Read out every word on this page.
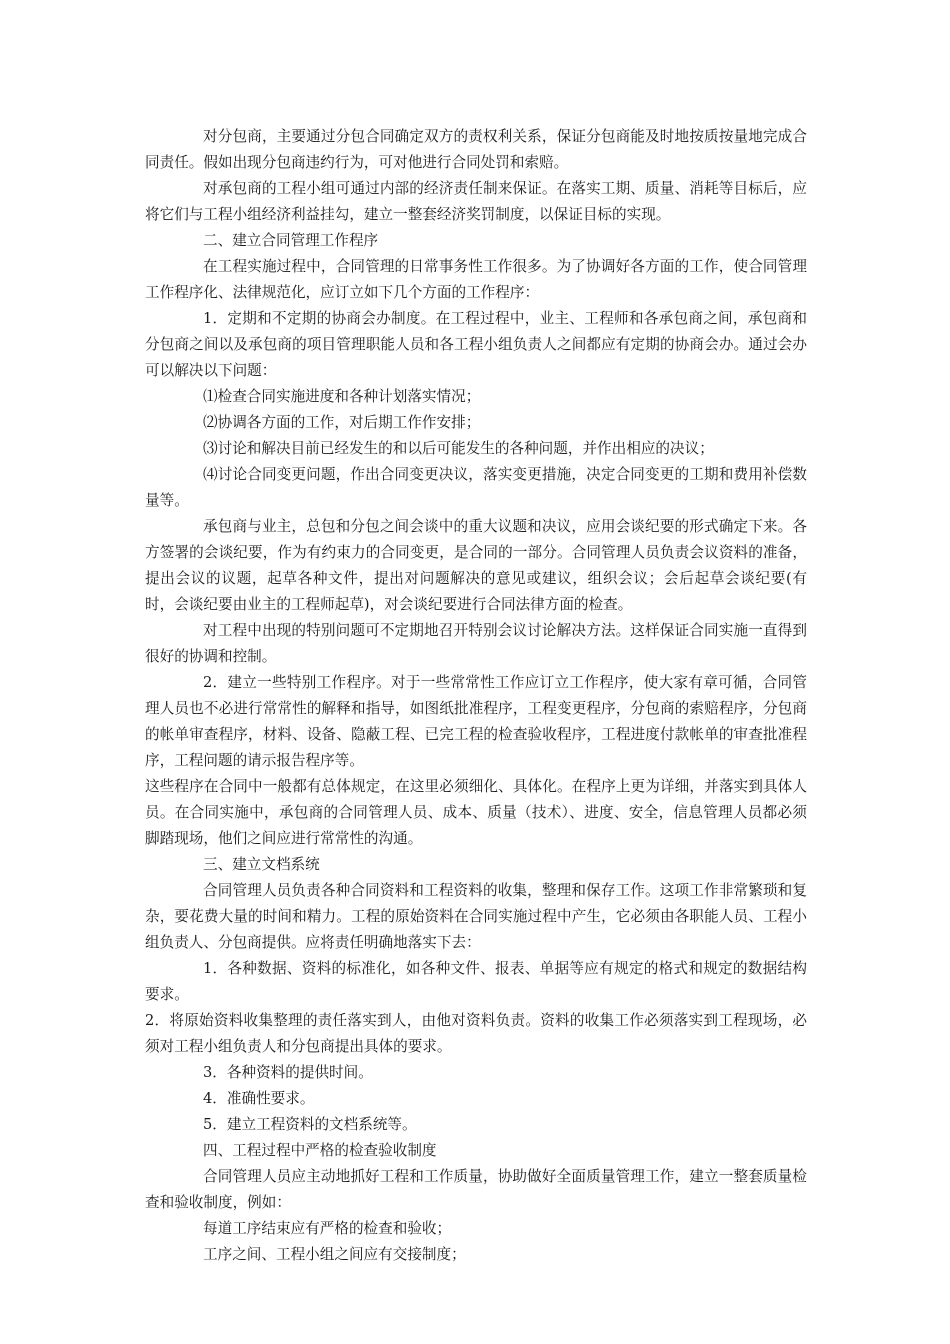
对分包商，主要通过分包合同确定双方的责权利关系，保证分包商能及时地按质按量地完成合同责任。假如出现分包商违约行为，可对他进行合同处罚和索赔。

对承包商的工程小组可通过内部的经济责任制来保证。在落实工期、质量、消耗等目标后，应将它们与工程小组经济利益挂勾，建立一整套经济奖罚制度，以保证目标的实现。

二、建立合同管理工作程序

在工程实施过程中，合同管理的日常事务性工作很多。为了协调好各方面的工作，使合同管理工作程序化、法律规范化，应订立如下几个方面的工作程序：

1．定期和不定期的协商会办制度。在工程过程中，业主、工程师和各承包商之间，承包商和分包商之间以及承包商的项目管理职能人员和各工程小组负责人之间都应有定期的协商会办。通过会办可以解决以下问题：

⑴检查合同实施进度和各种计划落实情况；

⑵协调各方面的工作，对后期工作作安排；

⑶讨论和解决目前已经发生的和以后可能发生的各种问题，并作出相应的决议；

⑷讨论合同变更问题，作出合同变更决议，落实变更措施，决定合同变更的工期和费用补偿数量等。

承包商与业主，总包和分包之间会谈中的重大议题和决议，应用会谈纪要的形式确定下来。各方签署的会谈纪要，作为有约束力的合同变更，是合同的一部分。合同管理人员负责会议资料的准备，提出会议的议题，起草各种文件，提出对问题解决的意见或建议，组织会议；会后起草会谈纪要(有时，会谈纪要由业主的工程师起草)，对会谈纪要进行合同法律方面的检查。

对工程中出现的特别问题可不定期地召开特别会议讨论解决方法。这样保证合同实施一直得到很好的协调和控制。

2．建立一些特别工作程序。对于一些常常性工作应订立工作程序，使大家有章可循，合同管理人员也不必进行常常性的解释和指导，如图纸批准程序，工程变更程序，分包商的索赔程序，分包商的帐单审查程序，材料、设备、隐蔽工程、已完工程的检查验收程序，工程进度付款帐单的审查批准程序，工程问题的请示报告程序等。

这些程序在合同中一般都有总体规定，在这里必须细化、具体化。在程序上更为详细，并落实到具体人员。在合同实施中，承包商的合同管理人员、成本、质量（技术）、进度、安全，信息管理人员都必须脚踏现场，他们之间应进行常常性的沟通。

三、建立文档系统

合同管理人员负责各种合同资料和工程资料的收集，整理和保存工作。这项工作非常繁琐和复杂，要花费大量的时间和精力。工程的原始资料在合同实施过程中产生，它必须由各职能人员、工程小组负责人、分包商提供。应将责任明确地落实下去：

1．各种数据、资料的标准化，如各种文件、报表、单据等应有规定的格式和规定的数据结构要求。

2．将原始资料收集整理的责任落实到人，由他对资料负责。资料的收集工作必须落实到工程现场，必须对工程小组负责人和分包商提出具体的要求。

3．各种资料的提供时间。

4．准确性要求。

5．建立工程资料的文档系统等。

四、工程过程中严格的检查验收制度

合同管理人员应主动地抓好工程和工作质量，协助做好全面质量管理工作，建立一整套质量检查和验收制度，例如：

每道工序结束应有严格的检查和验收；

工序之间、工程小组之间应有交接制度；
